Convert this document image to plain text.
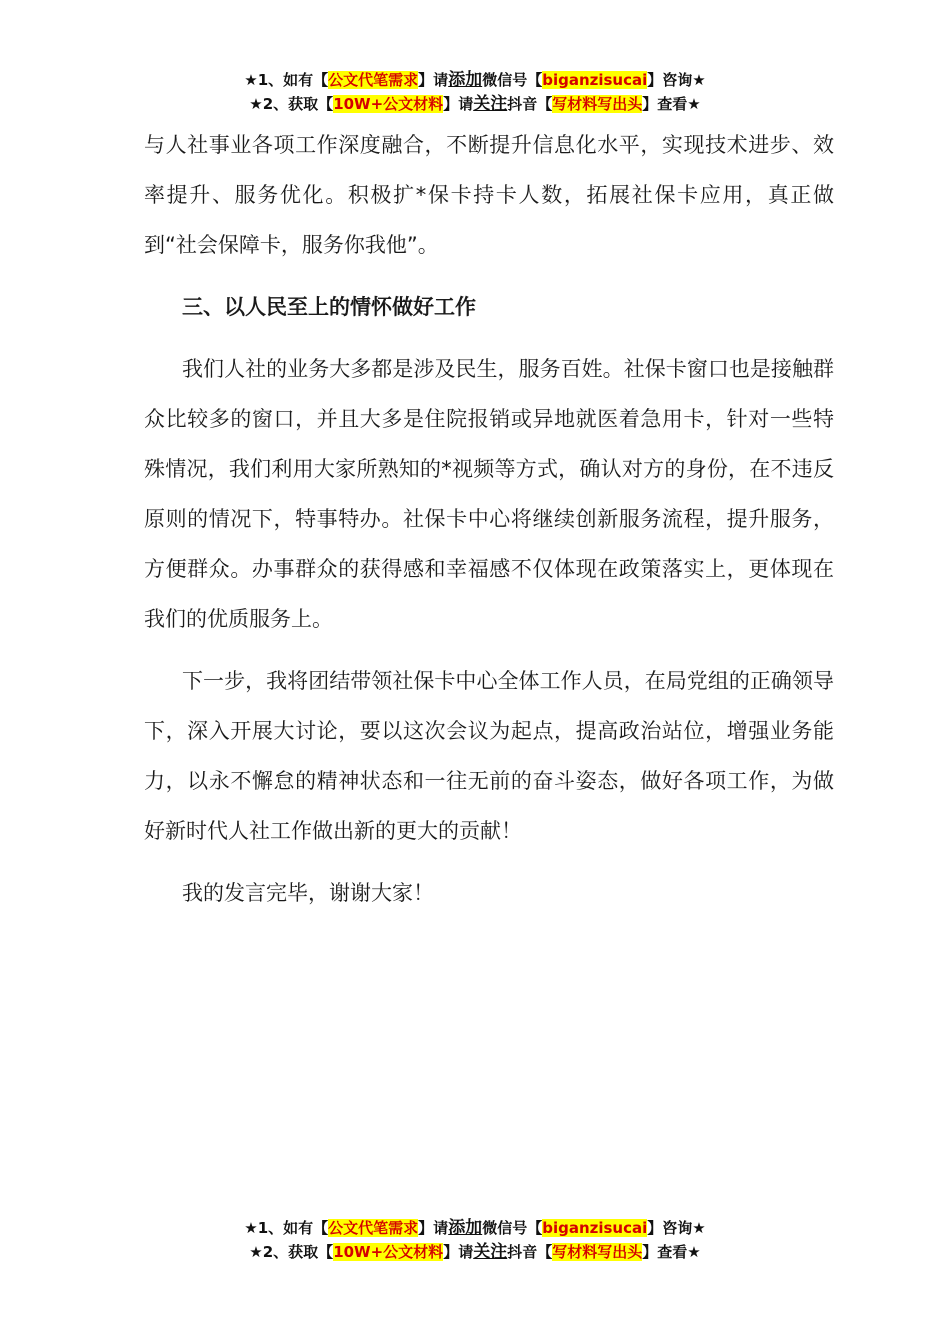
★1、如有【公文代笔需求】请添加微信号【biganzisucai】咨询★
★2、获取【10W+公文材料】请关注抖音【写材料写出头】查看★

与人社事业各项工作深度融合，不断提升信息化水平，实现技术进步、效率提升、服务优化。积极扩*保卡持卡人数，拓展社保卡应用，真正做到“社会保障卡，服务你我他”。

三、以人民至上的情怀做好工作

我们人社的业务大多都是涉及民生，服务百姓。社保卡窗口也是接触群众比较多的窗口，并且大多是住院报销或异地就医着急用卡，针对一些特殊情况，我们利用大家所熟知的*视频等方式，确认对方的身份，在不违反原则的情况下，特事特办。社保卡中心将继续创新服务流程，提升服务，方便群众。办事群众的获得感和幸福感不仅体现在政策落实上，更体现在我们的优质服务上。

下一步，我将团结带领社保卡中心全体工作人员，在局党组的正确领导下，深入开展大讨论，要以这次会议为起点，提高政治站位，增强业务能力，以永不懈怠的精神状态和一往无前的奋斗姿态，做好各项工作，为做好新时代人社工作做出新的更大的贡献！

我的发言完毕，谢谢大家！

★1、如有【公文代笔需求】请添加微信号【biganzisucai】咨询★
★2、获取【10W+公文材料】请关注抖音【写材料写出头】查看★
